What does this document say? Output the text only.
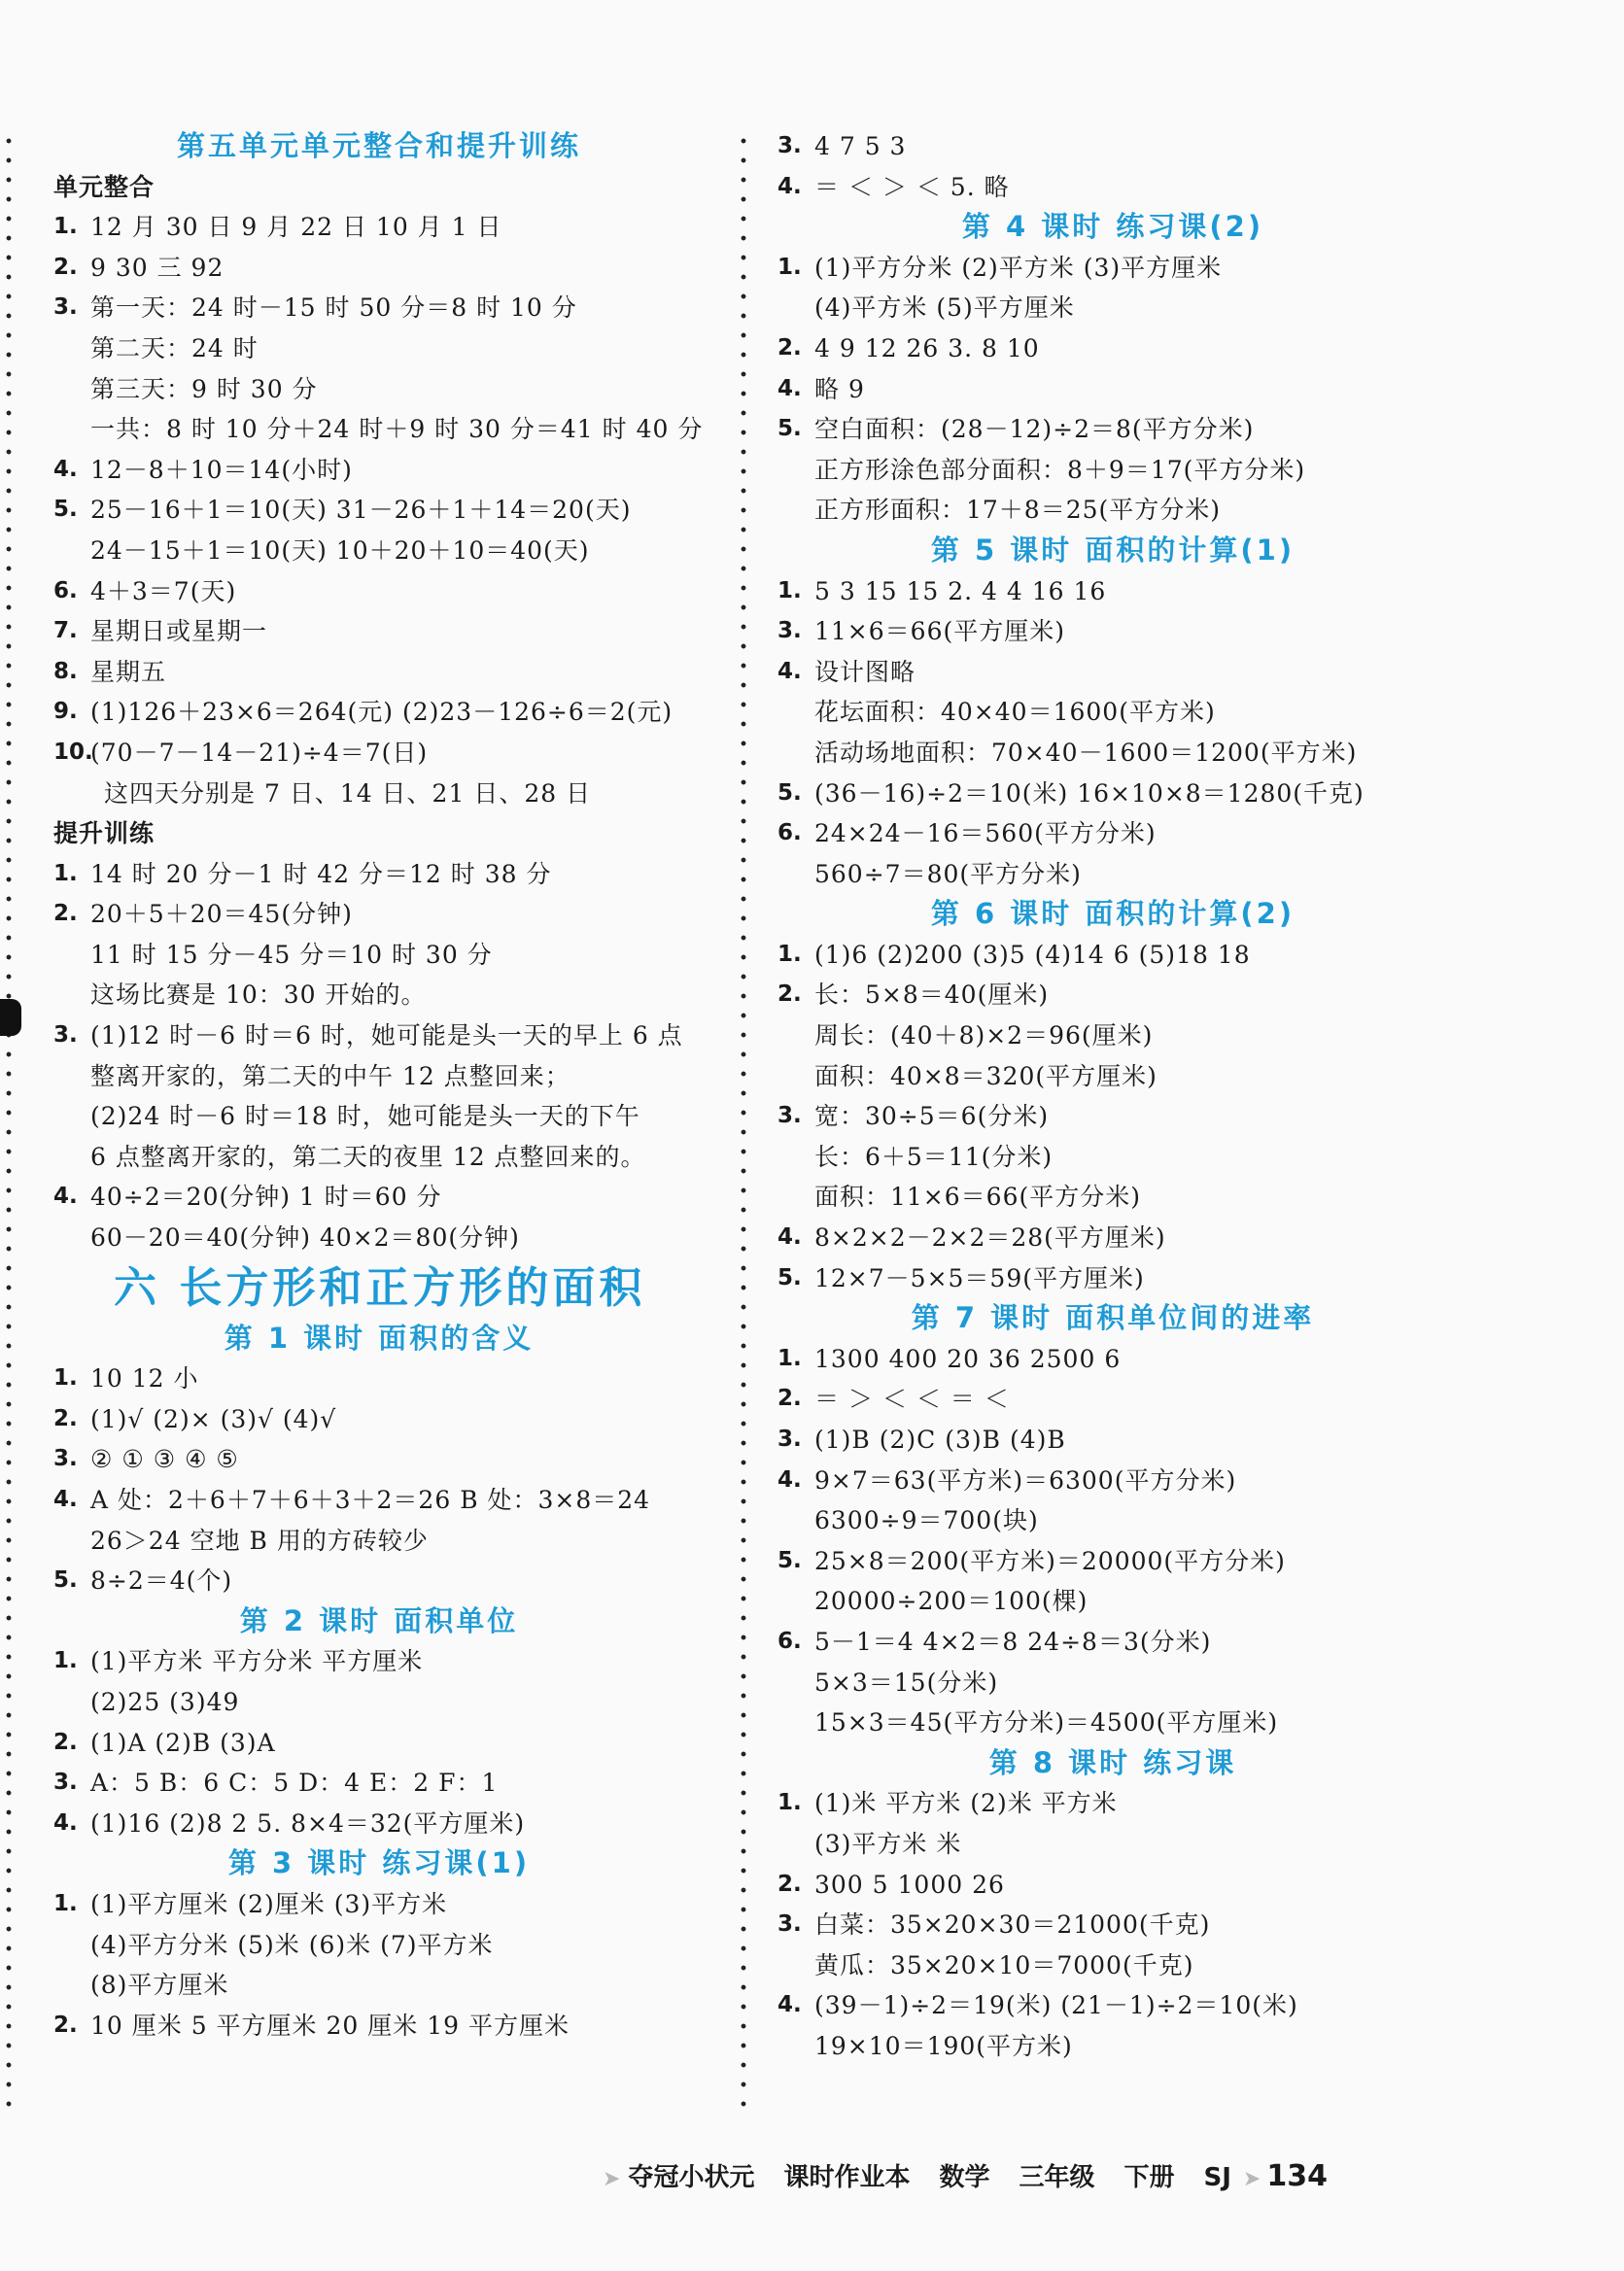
第五单元单元整合和提升训练
单元整合
1. 12 月 30 日 9 月 22 日 10 月 1 日
2. 9 30 三 92
3. 第一天：24 时－15 时 50 分＝8 时 10 分
第二天：24 时
第三天：9 时 30 分
一共：8 时 10 分＋24 时＋9 时 30 分＝41 时 40 分
4. 12－8＋10＝14(小时)
5. 25－16＋1＝10(天) 31－26＋1＋14＝20(天)
24－15＋1＝10(天) 10＋20＋10＝40(天)
6. 4＋3＝7(天)
7. 星期日或星期一
8. 星期五
9. (1)126＋23×6＝264(元) (2)23－126÷6＝2(元)
10.
(70－7－14－21)÷4＝7(日)
这四天分别是 7 日、14 日、21 日、28 日
提升训练
1. 14 时 20 分－1 时 42 分＝12 时 38 分
2. 20＋5＋20＝45(分钟)
11 时 15 分－45 分＝10 时 30 分
这场比赛是 10：30 开始的。
3. (1)12 时－6 时＝6 时，她可能是头一天的早上 6 点
整离开家的，第二天的中午 12 点整回来；
(2)24 时－6 时＝18 时，她可能是头一天的下午
6 点整离开家的，第二天的夜里 12 点整回来的。
4. 40÷2＝20(分钟) 1 时＝60 分
60－20＝40(分钟) 40×2＝80(分钟)
六 长方形和正方形的面积
第 1 课时 面积的含义
1. 10 12 小
2. (1)√ (2)× (3)√ (4)√
3. ② ① ③ ④ ⑤
4. A 处：2＋6＋7＋6＋3＋2＝26 B 处：3×8＝24
26＞24 空地 B 用的方砖较少
5. 8÷2＝4(个)
第 2 课时 面积单位
1. (1)平方米 平方分米 平方厘米
(2)25 (3)49
2. (1)A (2)B (3)A
3. A：5 B：6 C：5 D：4 E：2 F：1
4. (1)16 (2)8 2 5. 8×4＝32(平方厘米)
第 3 课时 练习课(1)
1. (1)平方厘米 (2)厘米 (3)平方米
(4)平方分米 (5)米 (6)米 (7)平方米
(8)平方厘米
2. 10 厘米 5 平方厘米 20 厘米 19 平方厘米
3. 4 7 5 3
4. ＝ ＜ ＞ ＜ 5. 略
第 4 课时 练习课(2)
1. (1)平方分米 (2)平方米 (3)平方厘米
(4)平方米 (5)平方厘米
2. 4 9 12 26 3. 8 10
4. 略 9
5. 空白面积：(28－12)÷2＝8(平方分米)
正方形涂色部分面积：8＋9＝17(平方分米)
正方形面积：17＋8＝25(平方分米)
第 5 课时 面积的计算(1)
1. 5 3 15 15 2. 4 4 16 16
3. 11×6＝66(平方厘米)
4. 设计图略
花坛面积：40×40＝1600(平方米)
活动场地面积：70×40－1600＝1200(平方米)
5. (36－16)÷2＝10(米) 16×10×8＝1280(千克)
6. 24×24－16＝560(平方分米)
560÷7＝80(平方分米)
第 6 课时 面积的计算(2)
1. (1)6 (2)200 (3)5 (4)14 6 (5)18 18
2. 长：5×8＝40(厘米)
周长：(40＋8)×2＝96(厘米)
面积：40×8＝320(平方厘米)
3. 宽：30÷5＝6(分米)
长：6＋5＝11(分米)
面积：11×6＝66(平方分米)
4. 8×2×2－2×2＝28(平方厘米)
5. 12×7－5×5＝59(平方厘米)
第 7 课时 面积单位间的进率
1. 1300 400 20 36 2500 6
2. ＝ ＞ ＜ ＜ ＝ ＜
3. (1)B (2)C (3)B (4)B
4. 9×7＝63(平方米)＝6300(平方分米)
6300÷9＝700(块)
5. 25×8＝200(平方米)＝20000(平方分米)
20000÷200＝100(棵)
6. 5－1＝4 4×2＝8 24÷8＝3(分米)
5×3＝15(分米)
15×3＝45(平方分米)＝4500(平方厘米)
第 8 课时 练习课
1. (1)米 平方米 (2)米 平方米
(3)平方米 米
2. 300 5 1000 26
3. 白菜：35×20×30＝21000(千克)
黄瓜：35×20×10＝7000(千克)
4. (39－1)÷2＝19(米) (21－1)÷2＝10(米)
19×10＝190(平方米)
➤ 夺冠小状元 课时作业本 数学 三年级 下册 SJ ➤ 134
